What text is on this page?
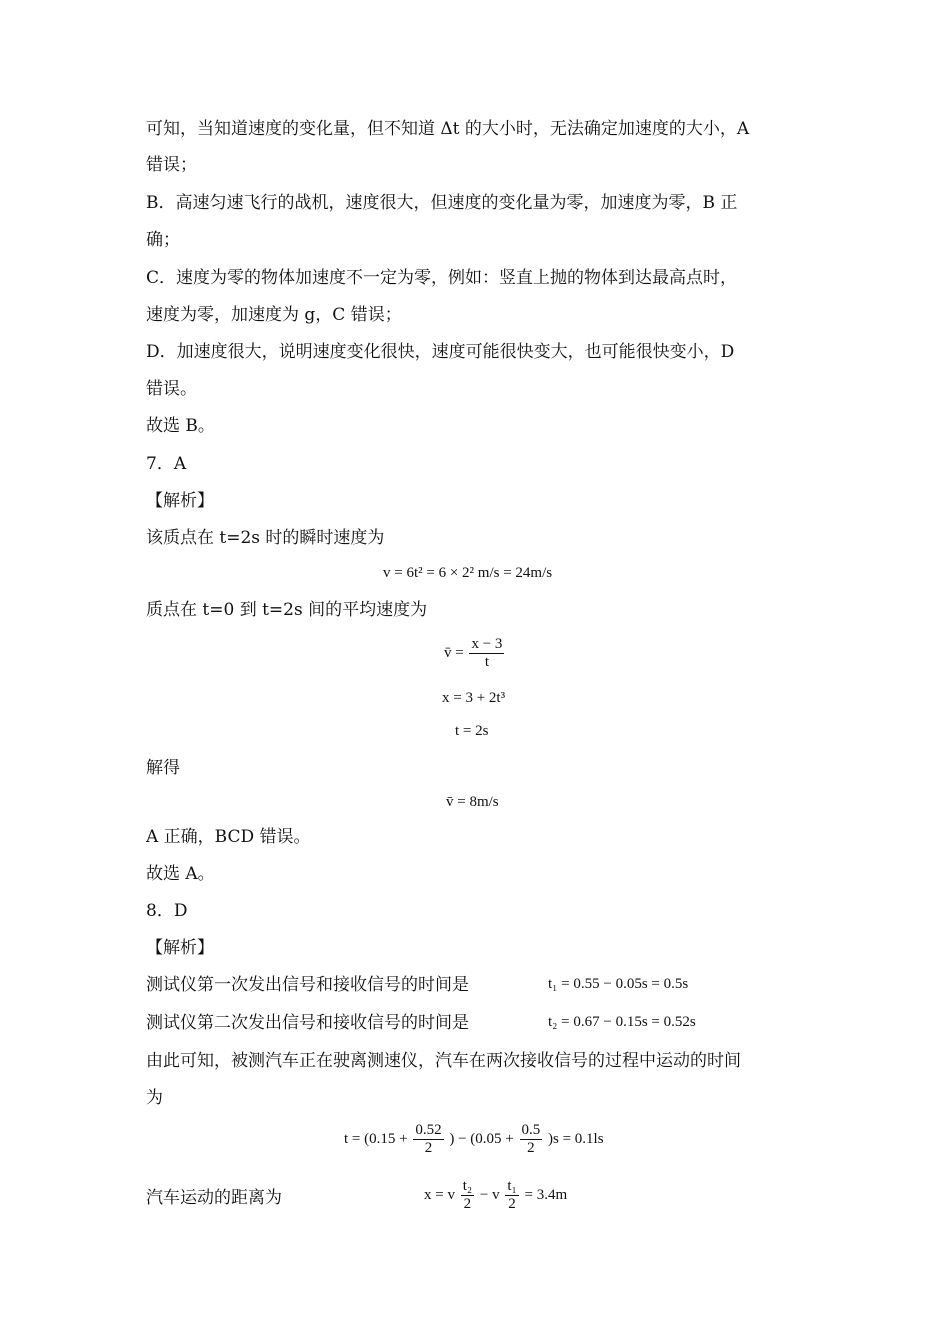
可知，当知道速度的变化量，但不知道 Δt 的大小时，无法确定加速度的大小，A
错误；
B．高速匀速飞行的战机，速度很大，但速度的变化量为零，加速度为零，B 正
确；
C．速度为零的物体加速度不一定为零，例如：竖直上抛的物体到达最高点时，
速度为零，加速度为 g，C 错误；
D．加速度很大，说明速度变化很快，速度可能很快变大，也可能很快变小，D
错误。
故选 B。
7．A
【解析】
该质点在 t=2s 时的瞬时速度为
v = 6t² = 6 × 2² m/s = 24m/s
质点在 t=0 到 t=2s 间的平均速度为
v̄ = $\frac{x - 3}{t}$
x = 3 + 2t³
t = 2s
解得
v̄ = 8m/s
A 正确，BCD 错误。
故选 A。
8．D
【解析】
测试仪第一次发出信号和接收信号的时间是	t₁ = 0.55 − 0.05s = 0.5s
测试仪第二次发出信号和接收信号的时间是	t₂ = 0.67 − 0.15s = 0.52s
由此可知，被测汽车正在驶离测速仪，汽车在两次接收信号的过程中运动的时间
为
$t = (0.15 + \frac{0.52}{2}$ ) − $(0.05 + \frac{0.5}{2} )s = 0.1ls$
汽车运动的距离为	x = v $\frac{\text{t₂}}{2} - v \frac{\text{t₁}}{2} = 3.4m$
